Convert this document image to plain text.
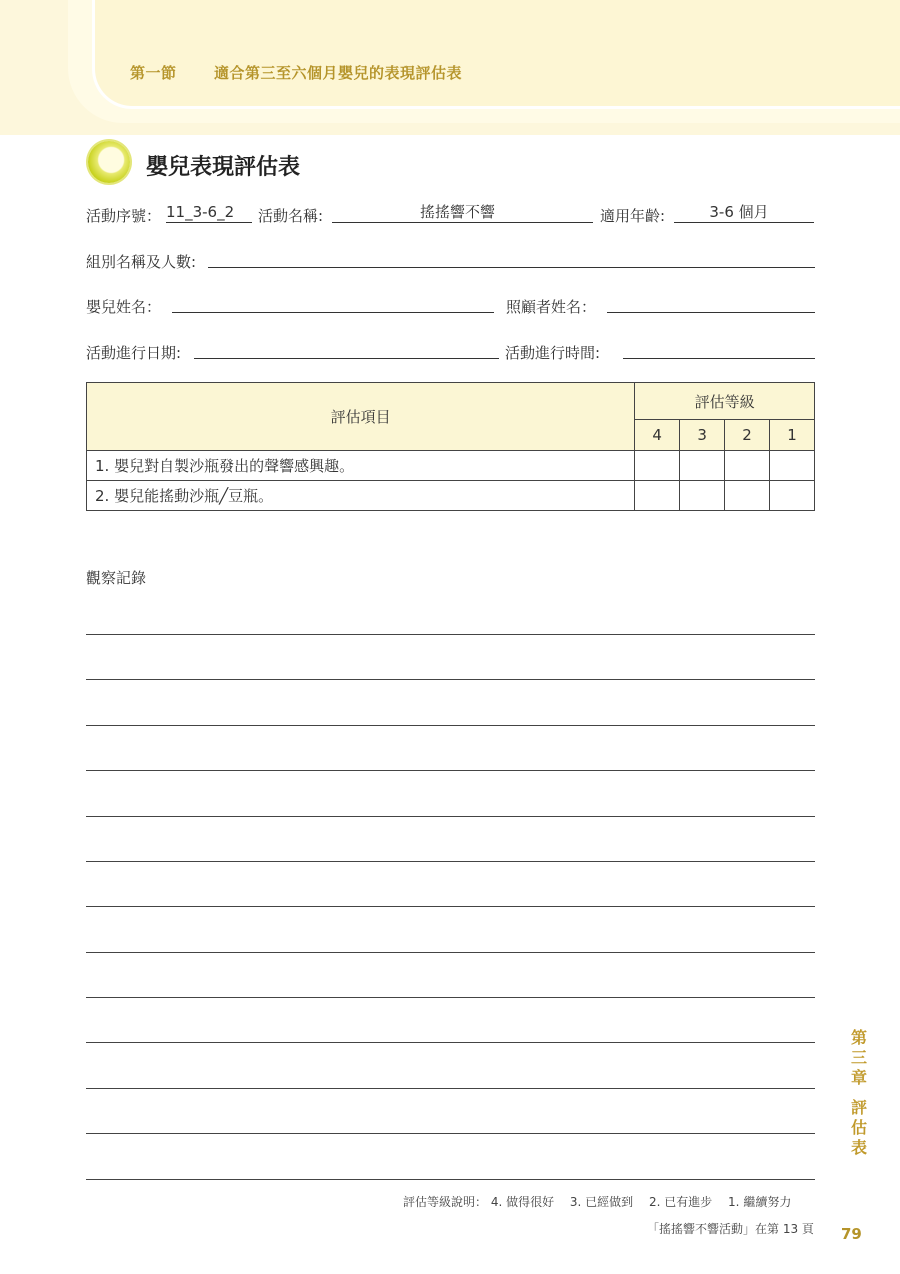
第一節 適合第三至六個月嬰兒的表現評估表
嬰兒表現評估表
活動序號： 11_3-6_2	活動名稱:	搖搖響不響	適用年齡:	3-6 個月
組別名稱及人數:
嬰兒姓名：	照顧者姓名：
活動進行日期:	活動進行時間:
評估項目	評估等級			
	4	3	2	1
1. 嬰兒對自製沙瓶發出的聲響感興趣。				
2. 嬰兒能搖動沙瓶╱豆瓶。				
觀察記錄
第
三
章
評
估
表
評估等級說明： 4. 做得很好　 3. 已經做到　 2. 已有進步　 1. 繼續努力
「搖搖響不響活動」在第 13 頁 79
